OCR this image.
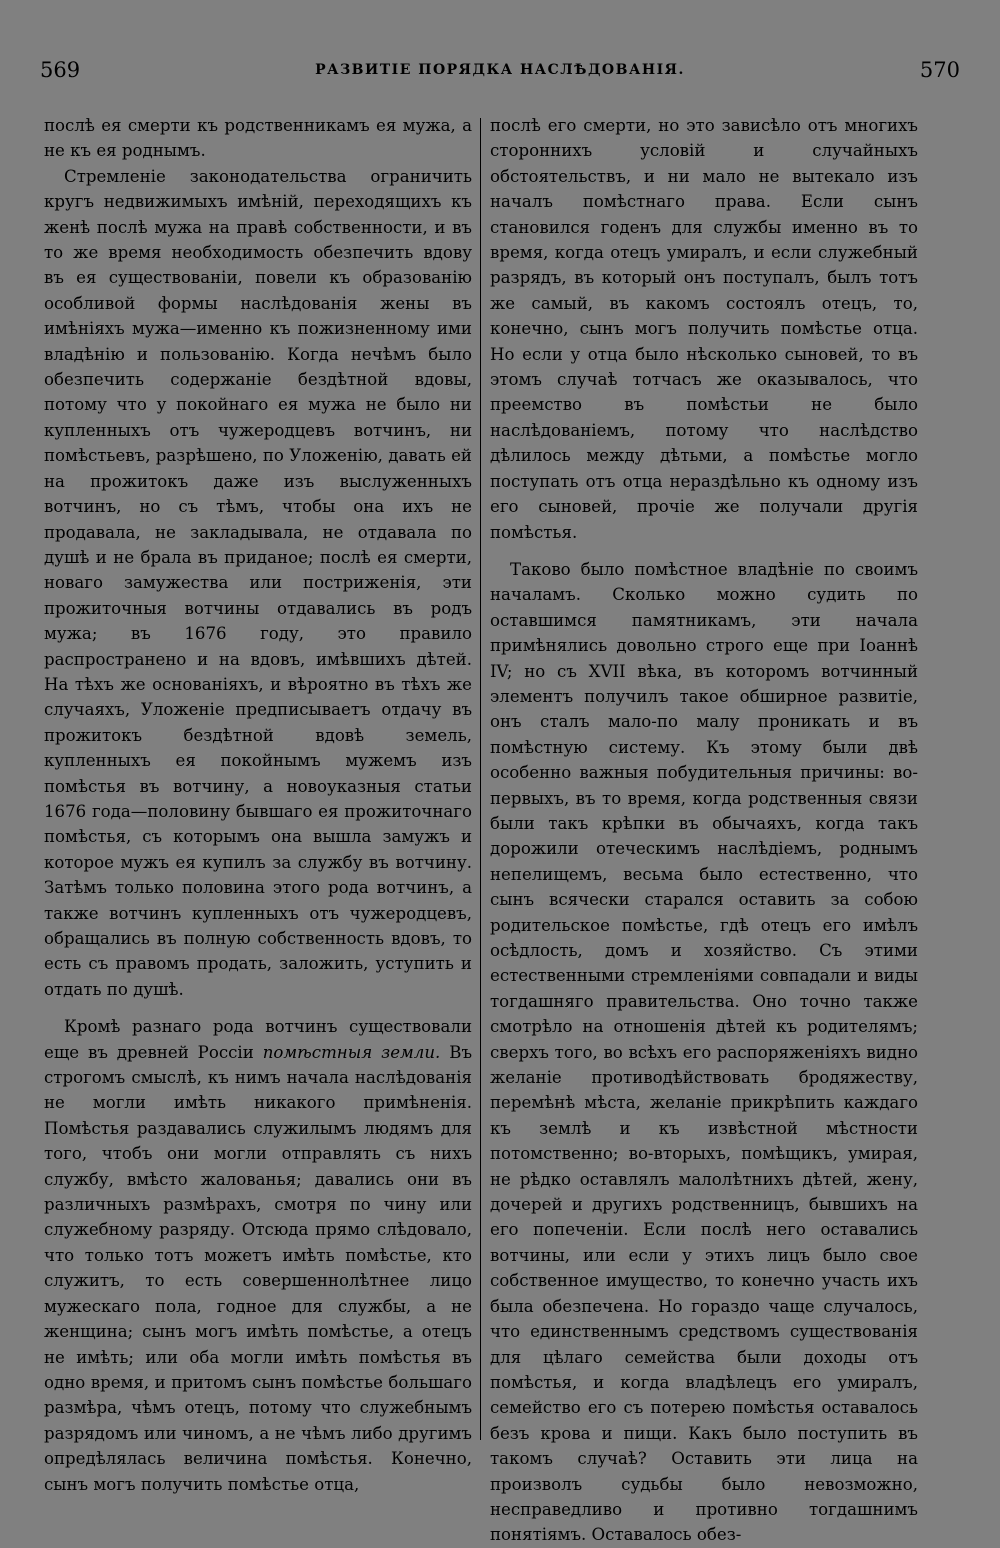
569	РАЗВИТІЕ ПОРЯДКА НАСЛѢДОВАНІЯ.	570

послѣ ея смерти къ родственникамъ ея мужа, а не къ ея роднымъ.

Стремленіе законодательства ограничить кругъ недвижимыхъ имѣній, переходящихъ къ женѣ послѣ мужа на правѣ собственности, и въ то же время необходимость обезпечить вдову въ ея существованіи, повели къ образованію особливой формы наслѣдованія жены въ имѣніяхъ мужа—именно къ пожизненному ими владѣнію и пользованію. Когда нечѣмъ было обезпечить содержаніе бездѣтной вдовы, потому что у покойнаго ея мужа не было ни купленныхъ отъ чужеродцевъ вотчинъ, ни помѣстьевъ, разрѣшено, по Уложенію, давать ей на прожитокъ даже изъ выслуженныхъ вотчинъ, но съ тѣмъ, чтобы она ихъ не продавала, не закладывала, не отдавала по душѣ и не брала въ приданое; послѣ ея смерти, новаго замужества или постриженія, эти прожиточныя вотчины отдавались въ родъ мужа; въ 1676 году, это правило распространено и на вдовъ, имѣвшихъ дѣтей. На тѣхъ же основаніяхъ, и вѣроятно въ тѣхъ же случаяхъ, Уложеніе предписываетъ отдачу въ прожитокъ бездѣтной вдовѣ земель, купленныхъ ея покойнымъ мужемъ изъ помѣстья въ вотчину, а новоуказныя статьи 1676 года—половину бывшаго ея прожиточнаго помѣстья, съ которымъ она вышла замужъ и которое мужъ ея купилъ за службу въ вотчину. Затѣмъ только половина этого рода вотчинъ, а также вотчинъ купленныхъ отъ чужеродцевъ, обращались въ полную собственность вдовъ, то есть съ правомъ продать, заложить, уступить и отдать по душѣ.

Кромѣ разнаго рода вотчинъ существовали еще въ древней Россіи помѣстныя земли. Въ строгомъ смыслѣ, къ нимъ начала наслѣдованія не могли имѣть никакого примѣненія. Помѣстья раздавались служилымъ людямъ для того, чтобъ они могли отправлять съ нихъ службу, вмѣсто жалованья; давались они въ различныхъ размѣрахъ, смотря по чину или служебному разряду. Отсюда прямо слѣдовало, что только тотъ можетъ имѣть помѣстье, кто служитъ, то есть совершеннолѣтнее лицо мужескаго пола, годное для службы, а не женщина; сынъ могъ имѣть помѣстье, а отецъ не имѣть; или оба могли имѣть помѣстья въ одно время, и притомъ сынъ помѣстье большаго размѣра, чѣмъ отецъ, потому что служебнымъ разрядомъ или чиномъ, а не чѣмъ либо другимъ опредѣлялась величина помѣстья. Конечно, сынъ могъ получить помѣстье отца,

послѣ его смерти, но это зависѣло отъ многихъ стороннихъ условій и случайныхъ обстоятельствъ, и ни мало не вытекало изъ началъ помѣстнаго права. Если сынъ становился годенъ для службы именно въ то время, когда отецъ умиралъ, и если служебный разрядъ, въ который онъ поступалъ, былъ тотъ же самый, въ какомъ состоялъ отецъ, то, конечно, сынъ могъ получить помѣстье отца. Но если у отца было нѣсколько сыновей, то въ этомъ случаѣ тотчасъ же оказывалось, что преемство въ помѣстьи не было наслѣдованіемъ, потому что наслѣдство дѣлилось между дѣтьми, а помѣстье могло поступать отъ отца нераздѣльно къ одному изъ его сыновей, прочіе же получали другія помѣстья.

Таково было помѣстное владѣніе по своимъ началамъ. Сколько можно судить по оставшимся памятникамъ, эти начала примѣнялись довольно строго еще при Іоаннѣ IV; но съ XVII вѣка, въ которомъ вотчинный элементъ получилъ такое обширное развитіе, онъ сталъ мало-по малу проникать и въ помѣстную систему. Къ этому были двѣ особенно важныя побудительныя причины: во-первыхъ, въ то время, когда родственныя связи были такъ крѣпки въ обычаяхъ, когда такъ дорожили отеческимъ наслѣдіемъ, роднымъ непелищемъ, весьма было естественно, что сынъ всячески старался оставить за собою родительское помѣстье, гдѣ отецъ его имѣлъ осѣдлость, домъ и хозяйство. Съ этими естественными стремленіями совпадали и виды тогдашняго правительства. Оно точно также смотрѣло на отношенія дѣтей къ родителямъ; сверхъ того, во всѣхъ его распоряженіяхъ видно желаніе противодѣйствовать бродяжеству, перемѣнѣ мѣста, желаніе прикрѣпить каждаго къ землѣ и къ извѣстной мѣстности потомственно; во-вторыхъ, помѣщикъ, умирая, не рѣдко оставлялъ малолѣтнихъ дѣтей, жену, дочерей и другихъ родственницъ, бывшихъ на его попеченіи. Если послѣ него оставались вотчины, или если у этихъ лицъ было свое собственное имущество, то конечно участь ихъ была обезпечена. Но гораздо чаще случалось, что единственнымъ средствомъ существованія для цѣлаго семейства были доходы отъ помѣстья, и когда владѣлецъ его умиралъ, семейство его съ потерею помѣстья оставалось безъ крова и пищи. Какъ было поступить въ такомъ случаѣ? Оставить эти лица на произволъ судьбы было невозможно, несправедливо и противно тогдашнимъ понятіямъ. Оставалось обез-
